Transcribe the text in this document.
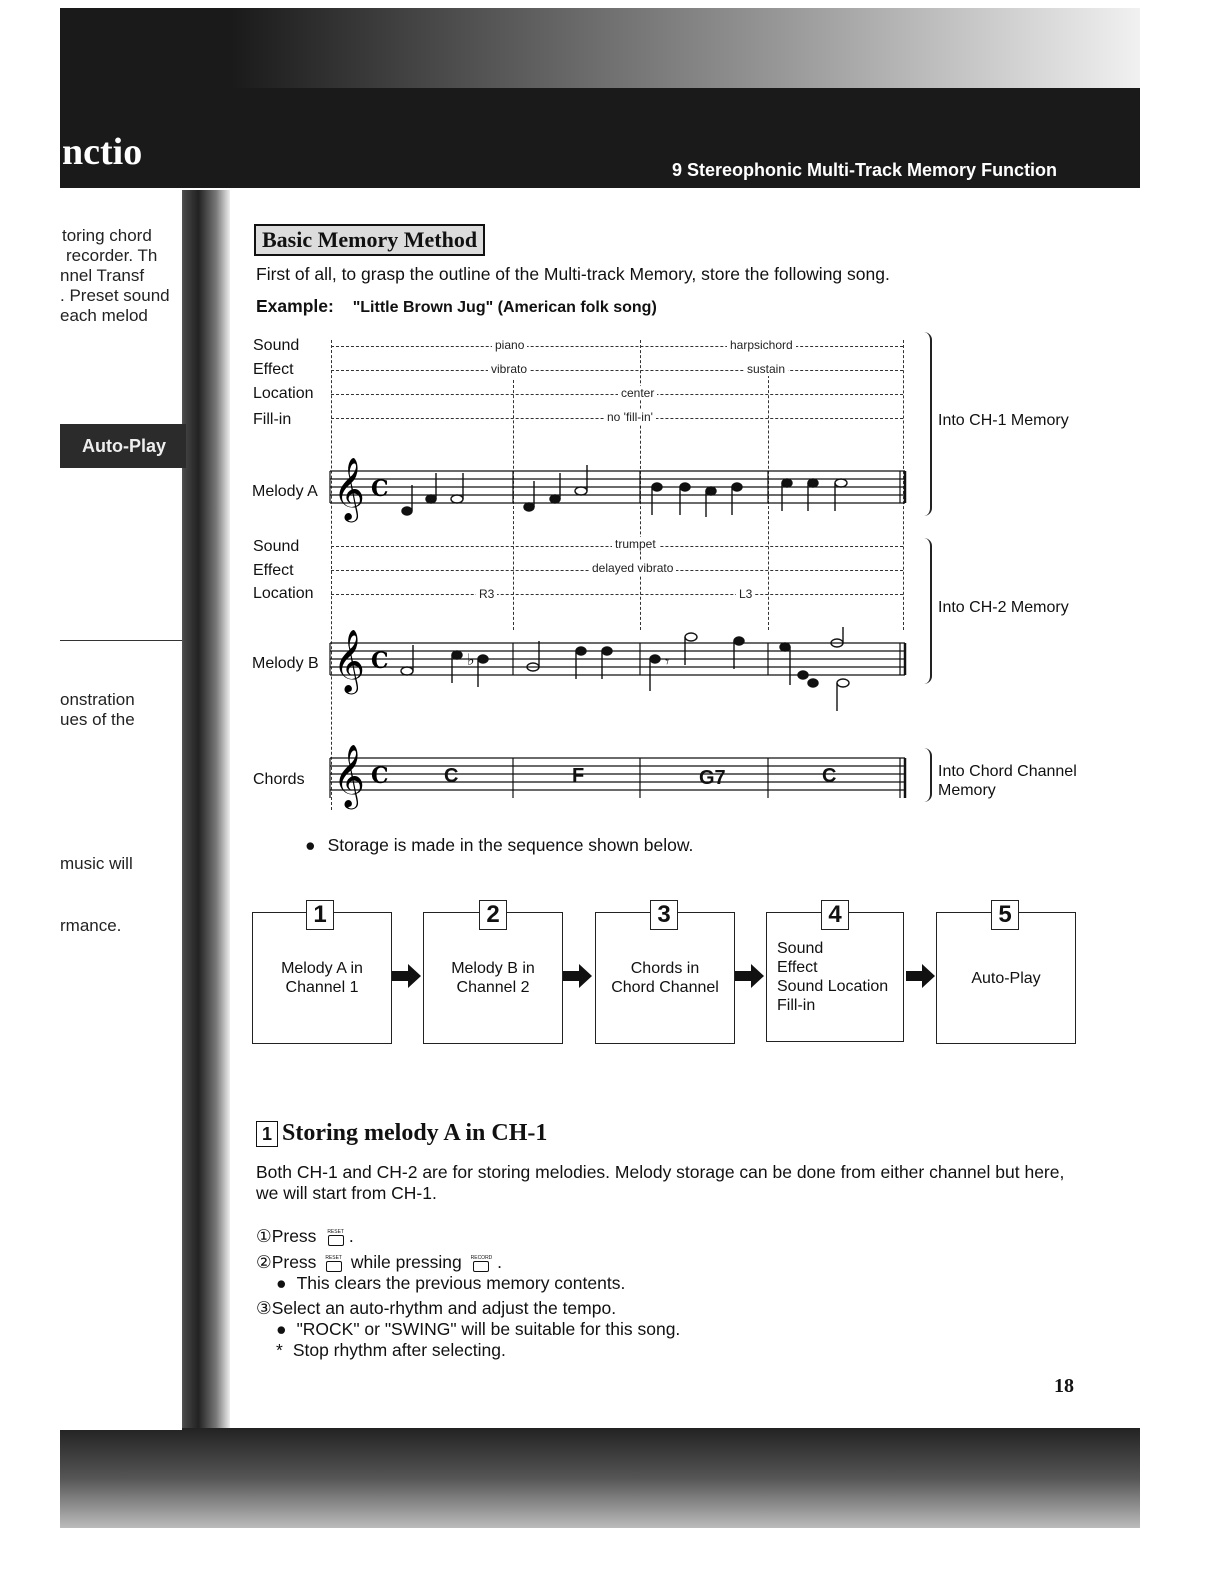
nctio	9 Stereophonic Multi-Track Memory Function
toring chord
recorder. Th
nnel Transf
. Preset sound
each melod
onstration
ues of the
music will
rmance.
Auto-Play
Basic Memory Method
First of all, to grasp the outline of the Multi-track Memory, store the following song.
Example: "Little Brown Jug" (American folk song)
Sound
Effect
Location
Fill-in
piano	harpsichord
vibrato	sustain
center
no 'fill-in'
Melody A 𝄞 C
Into CH-1 Memory
Sound
Effect
Location
trumpet
delayed vibrato
R3	L3
Melody B 𝄞 C	♭	𝄾
Into CH-2 Memory
Chords 𝄞 C	C	F	G7	C	Into Chord Channel
Memory
● Storage is made in the sequence shown below.
Melody A in
Channel 1
1
Melody B in
Channel 2
2
Chords in
Chord Channel
3
Sound
Effect
Sound Location
Fill-in
4
Auto-Play
5
1 Storing melody A in CH-1
Both CH-1 and CH-2 are for storing melodies. Melody storage can be done from either channel but here, we will start from CH-1.
①Press RESET .
②Press RESET while pressing RECORD .
● This clears the previous memory contents.
③Select an auto-rhythm and adjust the tempo.
● "ROCK" or "SWING" will be suitable for this song.
* Stop rhythm after selecting.
18
